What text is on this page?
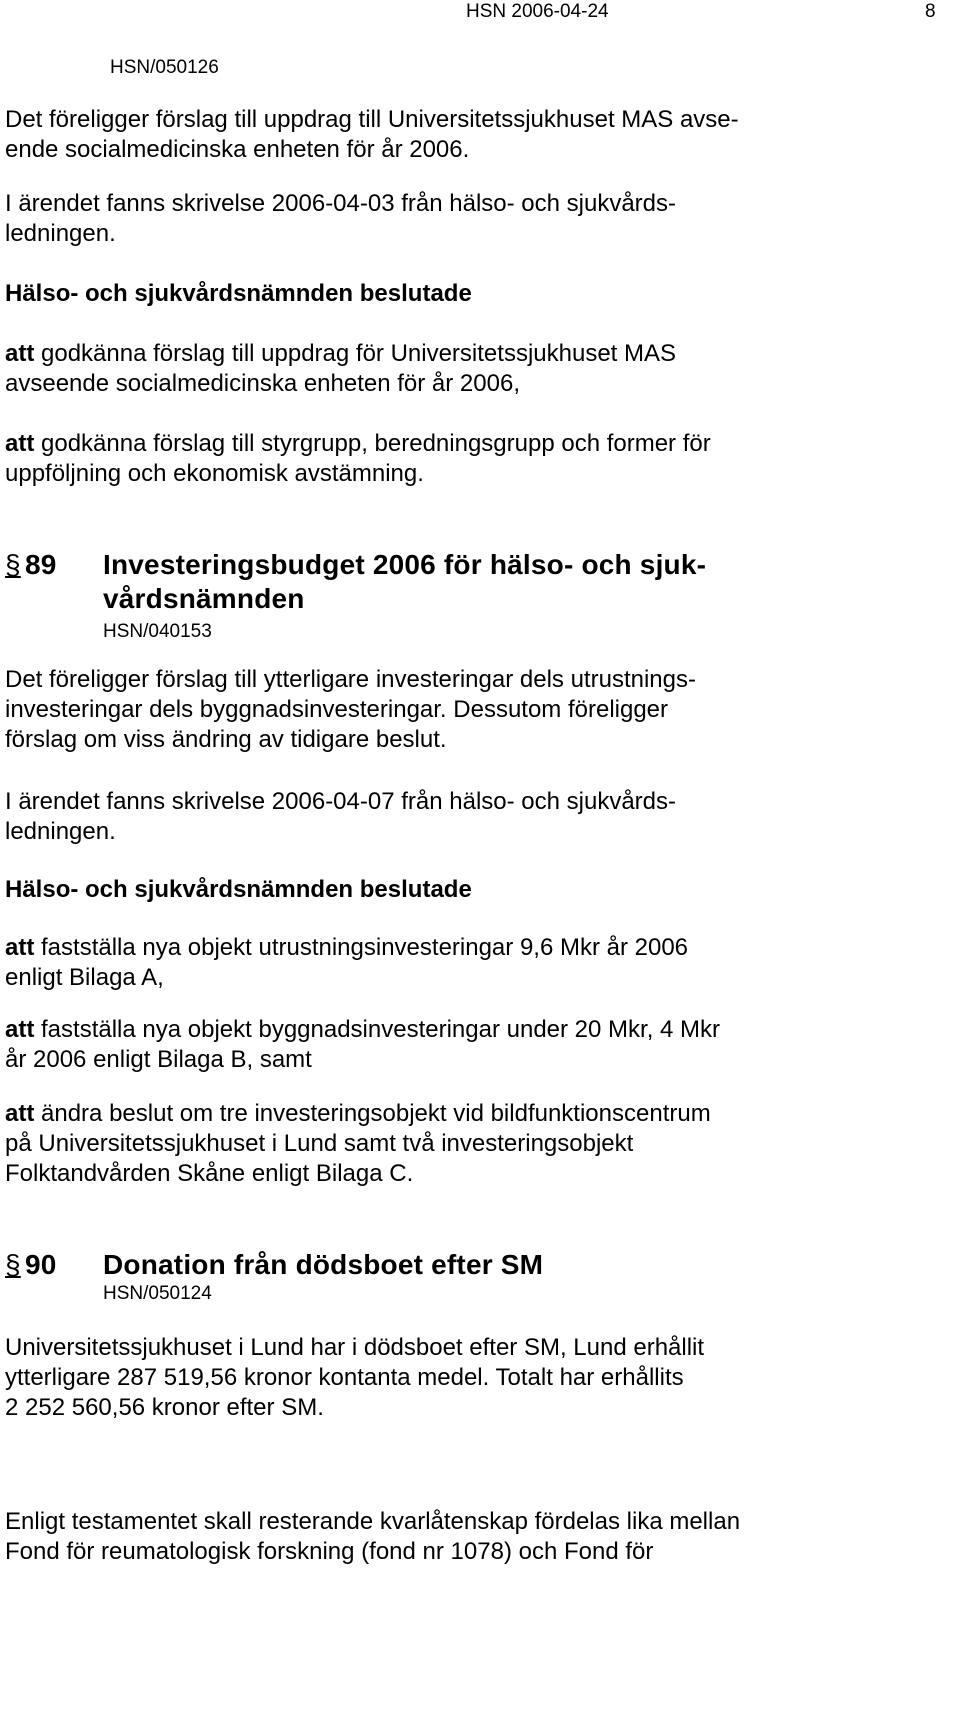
HSN 2006-04-24	8
HSN/050126
Det föreligger förslag till uppdrag till Universitetssjukhuset MAS avse-
ende socialmedicinska enheten för år 2006.
I ärendet fanns skrivelse 2006-04-03 från hälso- och sjukvårds-
ledningen.
Hälso- och sjukvårdsnämnden beslutade
att godkänna förslag till uppdrag för Universitetssjukhuset MAS
avseende socialmedicinska enheten för år 2006,
att godkänna förslag till styrgrupp, beredningsgrupp och former för
uppföljning och ekonomisk avstämning.
§ 89 Investeringsbudget 2006 för hälso- och sjuk-
vårdsnämnden
HSN/040153
Det föreligger förslag till ytterligare investeringar dels utrustnings-
investeringar dels byggnadsinvesteringar. Dessutom föreligger
förslag om viss ändring av tidigare beslut.
I ärendet fanns skrivelse 2006-04-07 från hälso- och sjukvårds-
ledningen.
Hälso- och sjukvårdsnämnden beslutade
att fastställa nya objekt utrustningsinvesteringar 9,6 Mkr år 2006
enligt Bilaga A,
att fastställa nya objekt byggnadsinvesteringar under 20 Mkr, 4 Mkr
år 2006 enligt Bilaga B, samt
att ändra beslut om tre investeringsobjekt vid bildfunktionscentrum
på Universitetssjukhuset i Lund samt två investeringsobjekt
Folktandvården Skåne enligt Bilaga C.
§ 90 Donation från dödsboet efter SM
HSN/050124
Universitetssjukhuset i Lund har i dödsboet efter SM, Lund erhållit
ytterligare 287 519,56 kronor kontanta medel. Totalt har erhållits
2 252 560,56 kronor efter SM.
Enligt testamentet skall resterande kvarlåtenskap fördelas lika mellan
Fond för reumatologisk forskning (fond nr 1078) och Fond för
